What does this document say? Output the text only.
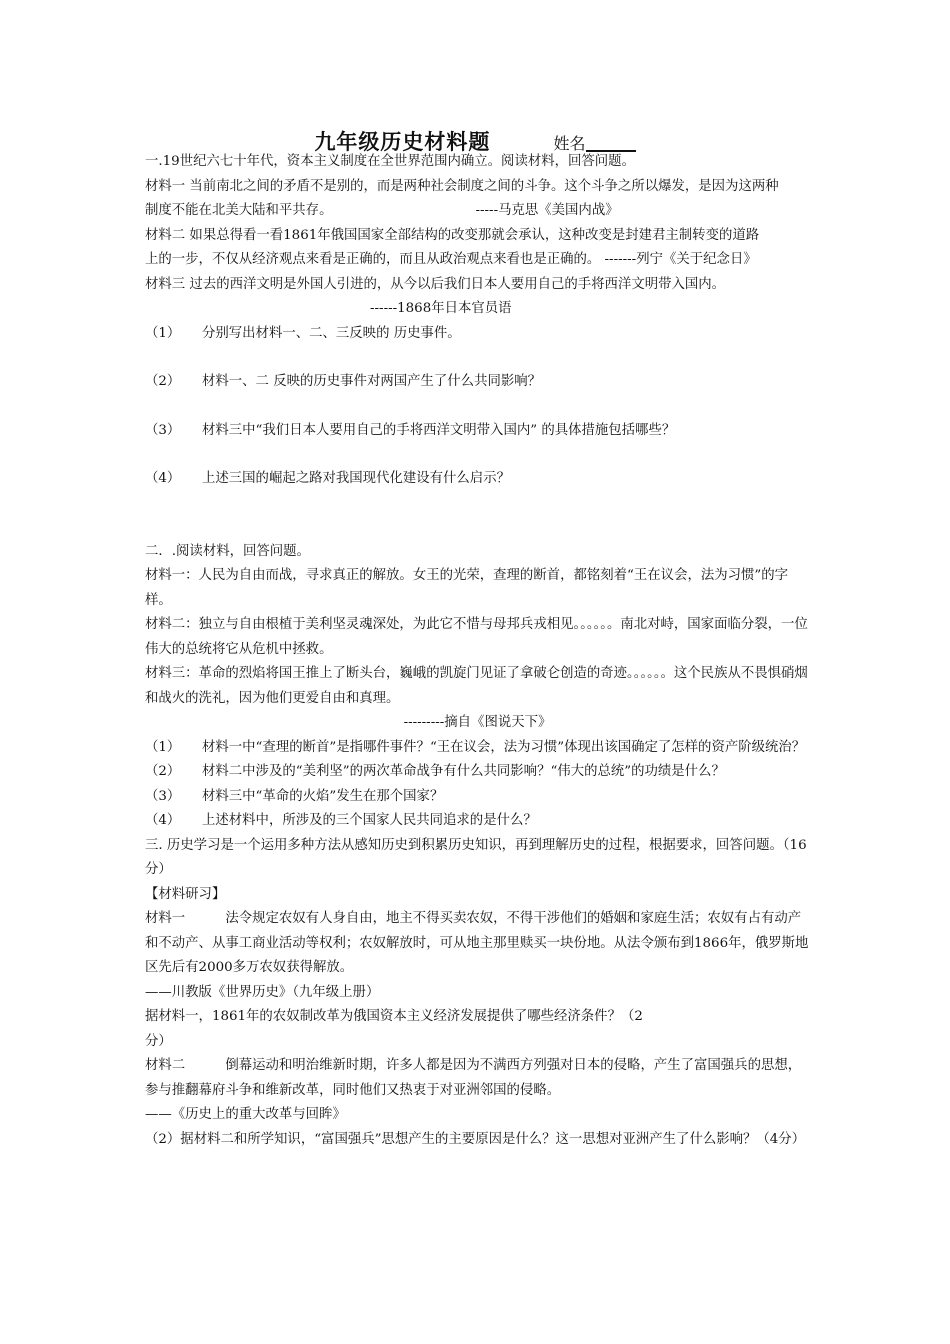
九年级历史材料题	姓名
一.19世纪六七十年代，资本主义制度在全世界范围内确立。阅读材料，回答问题。
材料一 当前南北之间的矛盾不是别的，而是两种社会制度之间的斗争。这个斗争之所以爆发，是因为这两种
制度不能在北美大陆和平共存。	-----马克思《美国内战》
材料二 如果总得看一看1861年俄国国家全部结构的改变那就会承认，这种改变是封建君主制转变的道路
上的一步，不仅从经济观点来看是正确的，而且从政治观点来看也是正确的。 -------列宁《关于纪念日》
材料三 过去的西洋文明是外国人引进的，从今以后我们日本人要用自己的手将西洋文明带入国内。
------1868年日本官员语
（1）	分别写出材料一、二、三反映的 历史事件。
（2）	材料一、二 反映的历史事件对两国产生了什么共同影响？
（3）	材料三中“我们日本人要用自己的手将西洋文明带入国内” 的具体措施包括哪些？
（4）	上述三国的崛起之路对我国现代化建设有什么启示？
二．.阅读材料，回答问题。
材料一：人民为自由而战，寻求真正的解放。女王的光荣，查理的断首，都铭刻着“王在议会，法为习惯”的字样。
材料二：独立与自由根植于美利坚灵魂深处，为此它不惜与母邦兵戎相见。。。。。。南北对峙，国家面临分裂，一位伟大的总统将它从危机中拯救。
材料三：革命的烈焰将国王推上了断头台，巍峨的凯旋门见证了拿破仑创造的奇迹。。。。。。这个民族从不畏惧硝烟和战火的洗礼，因为他们更爱自由和真理。
---------摘自《图说天下》
（1）	材料一中“查理的断首”是指哪件事件？“王在议会，法为习惯”体现出该国确定了怎样的资产阶级统治？
（2）	材料二中涉及的“美利坚”的两次革命战争有什么共同影响？“伟大的总统”的功绩是什么？
（3）	材料三中“革命的火焰”发生在那个国家？
（4）	上述材料中，所涉及的三个国家人民共同追求的是什么？
三. 历史学习是一个运用多种方法从感知历史到积累历史知识，再到理解历史的过程，根据要求，回答问题。（16分）
【材料研习】
材料一　　　法令规定农奴有人身自由，地主不得买卖农奴，不得干涉他们的婚姻和家庭生活；农奴有占有动产和不动产、从事工商业活动等权利；农奴解放时，可从地主那里赎买一块份地。从法令颁布到1866年，俄罗斯地区先后有2000多万农奴获得解放。
——川教版《世界历史》（九年级上册）
据材料一，1861年的农奴制改革为俄国资本主义经济发展提供了哪些经济条件？（2
分）
材料二　　　倒幕运动和明治维新时期，许多人都是因为不满西方列强对日本的侵略，产生了富国强兵的思想，参与推翻幕府斗争和维新改革，同时他们又热衷于对亚洲邻国的侵略。
——《历史上的重大改革与回眸》
（2）据材料二和所学知识，“富国强兵”思想产生的主要原因是什么？这一思想对亚洲产生了什么影响？（4分）
